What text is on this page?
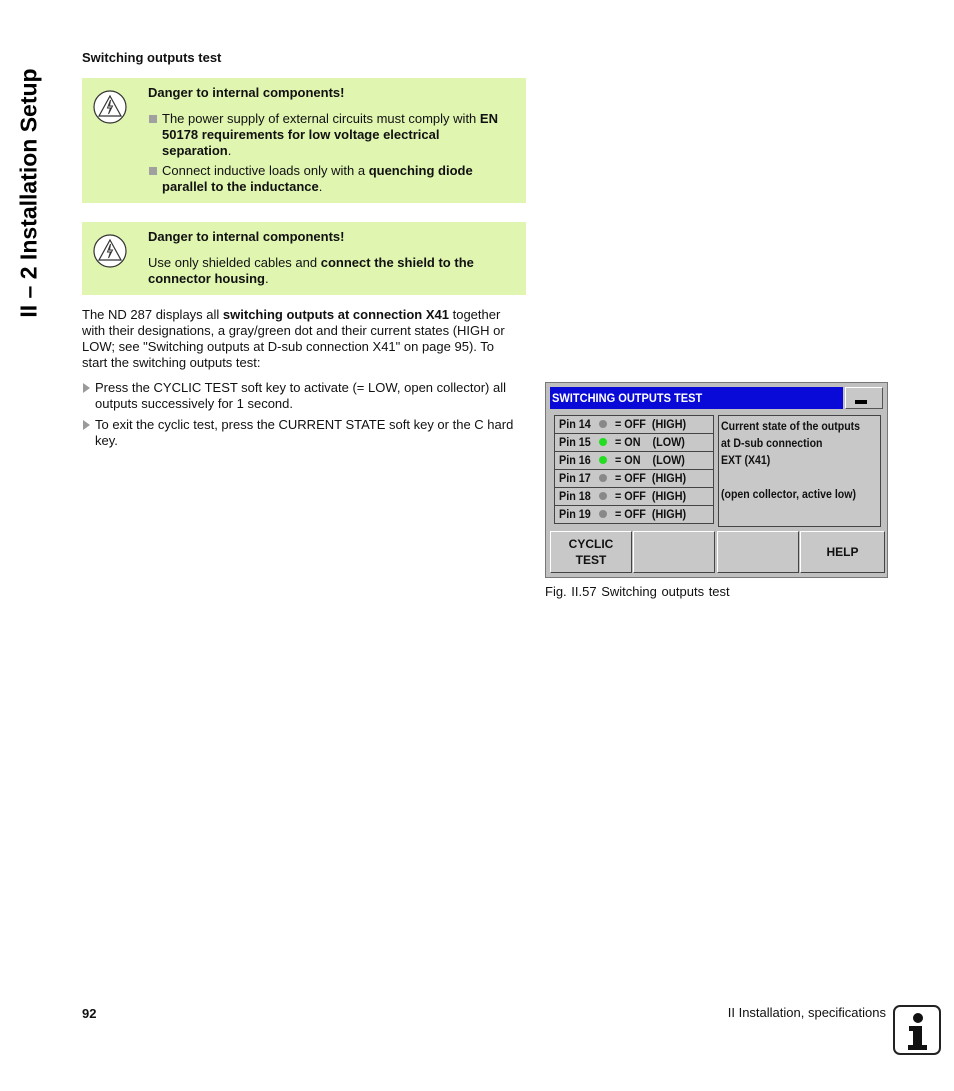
II – 2 Installation Setup
Switching outputs test
Danger to internal components!
The power supply of external circuits must comply with EN 50178 requirements for low voltage electrical separation.
Connect inductive loads only with a quenching diode parallel to the inductance.
Danger to internal components!
Use only shielded cables and connect the shield to the connector housing.
The ND 287 displays all switching outputs at connection X41 together with their designations, a gray/green dot and their current states (HIGH or LOW; see "Switching outputs at D-sub connection X41" on page 95). To start the switching outputs test:
Press the CYCLIC TEST soft key to activate (= LOW, open collector) all outputs successively for 1 second.
To exit the cyclic test, press the CURRENT STATE soft key or the C hard key.
SWITCHING OUTPUTS TEST
Pin 14 = OFF  (HIGH)
Pin 15 = ON    (LOW)
Pin 16 = ON    (LOW)
Pin 17 = OFF  (HIGH)
Pin 18 = OFF  (HIGH)
Pin 19 = OFF  (HIGH)
Current state of the outputs
at D-sub connection
EXT (X41)

(open collector, active low)
CYCLIC
TEST
HELP
Fig. II.57 Switching outputs test
92	II Installation, specifications
